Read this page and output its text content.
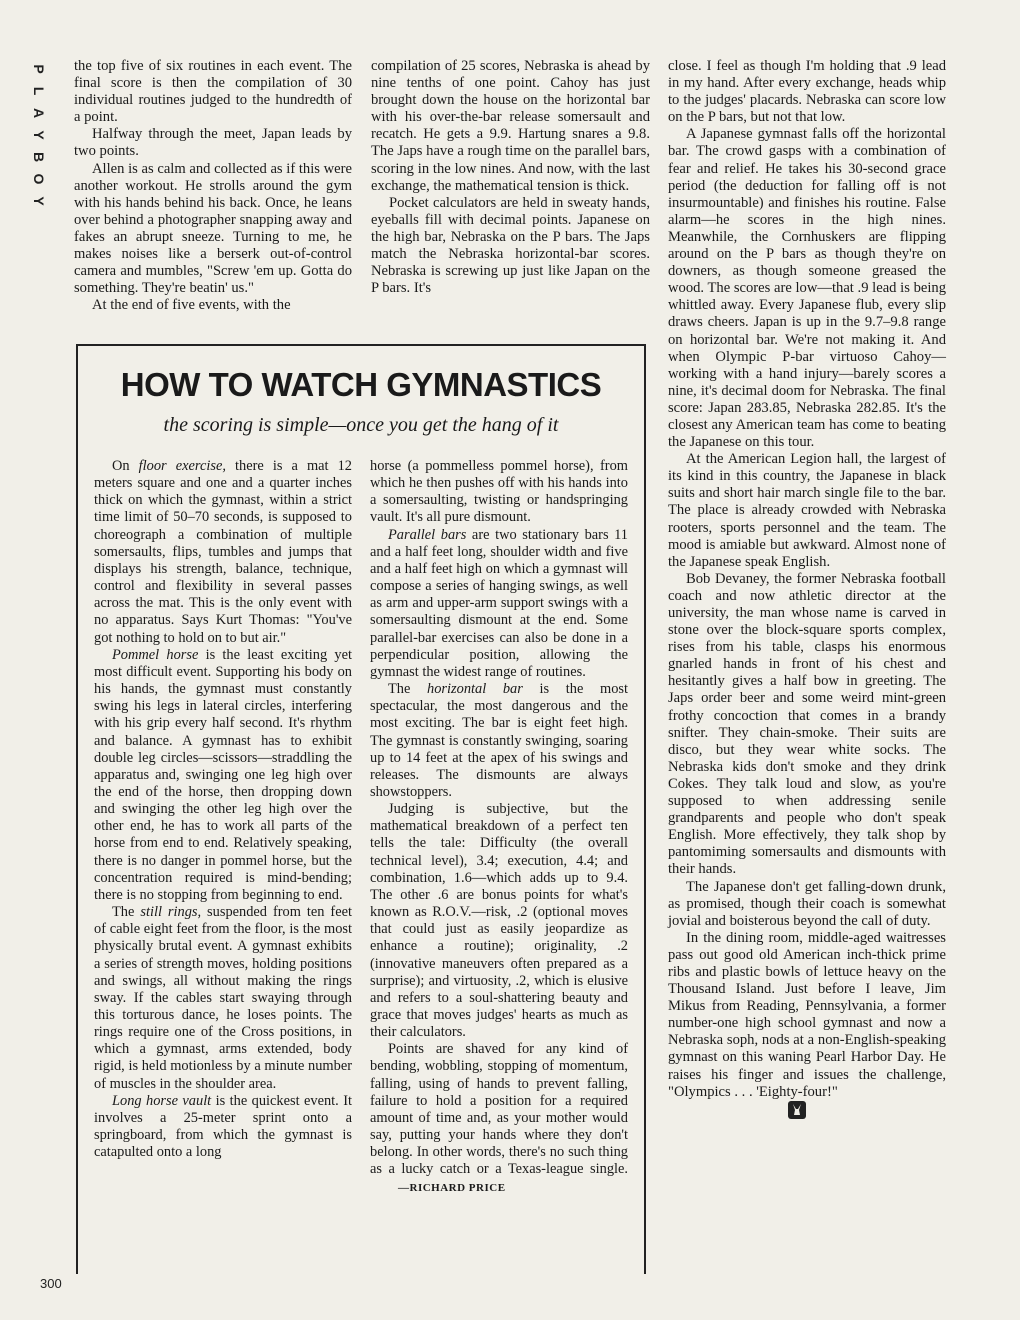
P
L
A
Y
B
O
Y

the top five of six routines in each event. The final score is then the compilation of 30 individual routines judged to the hundredth of a point.

Halfway through the meet, Japan leads by two points.

Allen is as calm and collected as if this were another workout. He strolls around the gym with his hands behind his back. Once, he leans over behind a photographer snapping away and fakes an abrupt sneeze. Turning to me, he makes noises like a berserk out-of-control camera and mumbles, "Screw 'em up. Gotta do something. They're beatin' us."

At the end of five events, with the

compilation of 25 scores, Nebraska is ahead by nine tenths of one point. Cahoy has just brought down the house on the horizontal bar with his over-the-bar release somersault and recatch. He gets a 9.9. Hartung snares a 9.8. The Japs have a rough time on the parallel bars, scoring in the low nines. And now, with the last exchange, the mathematical tension is thick.

Pocket calculators are held in sweaty hands, eyeballs fill with decimal points. Japanese on the high bar, Nebraska on the P bars. The Japs match the Nebraska horizontal-bar scores. Nebraska is screwing up just like Japan on the P bars. It's

close. I feel as though I'm holding that .9 lead in my hand. After every exchange, heads whip to the judges' placards. Nebraska can score low on the P bars, but not that low.

A Japanese gymnast falls off the horizontal bar. The crowd gasps with a combination of fear and relief. He takes his 30-second grace period (the deduction for falling off is not insurmountable) and finishes his routine. False alarm—he scores in the high nines. Meanwhile, the Cornhuskers are flipping around on the P bars as though they're on downers, as though someone greased the wood. The scores are low—that .9 lead is being whittled away. Every Japanese flub, every slip draws cheers. Japan is up in the 9.7–9.8 range on horizontal bar. We're not making it. And when Olympic P-bar virtuoso Cahoy—working with a hand injury—barely scores a nine, it's decimal doom for Nebraska. The final score: Japan 283.85, Nebraska 282.85. It's the closest any American team has come to beating the Japanese on this tour.

At the American Legion hall, the largest of its kind in this country, the Japanese in black suits and short hair march single file to the bar. The place is already crowded with Nebraska rooters, sports personnel and the team. The mood is amiable but awkward. Almost none of the Japanese speak English.

Bob Devaney, the former Nebraska football coach and now athletic director at the university, the man whose name is carved in stone over the block-square sports complex, rises from his table, clasps his enormous gnarled hands in front of his chest and hesitantly gives a half bow in greeting. The Japs order beer and some weird mint-green frothy concoction that comes in a brandy snifter. They chain-smoke. Their suits are disco, but they wear white socks. The Nebraska kids don't smoke and they drink Cokes. They talk loud and slow, as you're supposed to when addressing senile grandparents and people who don't speak English. More effectively, they talk shop by pantomiming somersaults and dismounts with their hands.

The Japanese don't get falling-down drunk, as promised, though their coach is somewhat jovial and boisterous beyond the call of duty.

In the dining room, middle-aged waitresses pass out good old American inch-thick prime ribs and plastic bowls of lettuce heavy on the Thousand Island. Just before I leave, Jim Mikus from Reading, Pennsylvania, a former number-one high school gymnast and now a Nebraska soph, nods at a non-English-speaking gymnast on this waning Pearl Harbor Day. He raises his finger and issues the challenge, "Olympics . . . 'Eighty-four!"

HOW TO WATCH GYMNASTICS
the scoring is simple—once you get the hang of it

On floor exercise, there is a mat 12 meters square and one and a quarter inches thick on which the gymnast, within a strict time limit of 50–70 seconds, is supposed to choreograph a combination of multiple somersaults, flips, tumbles and jumps that displays his strength, balance, technique, control and flexibility in several passes across the mat. This is the only event with no apparatus. Says Kurt Thomas: "You've got nothing to hold on to but air."

Pommel horse is the least exciting yet most difficult event. Supporting his body on his hands, the gymnast must constantly swing his legs in lateral circles, interfering with his grip every half second. It's rhythm and balance. A gymnast has to exhibit double leg circles—scissors—straddling the apparatus and, swinging one leg high over the end of the horse, then dropping down and swinging the other leg high over the other end, he has to work all parts of the horse from end to end. Relatively speaking, there is no danger in pommel horse, but the concentration required is mind-bending; there is no stopping from beginning to end.

The still rings, suspended from ten feet of cable eight feet from the floor, is the most physically brutal event. A gymnast exhibits a series of strength moves, holding positions and swings, all without making the rings sway. If the cables start swaying through this torturous dance, he loses points. The rings require one of the Cross positions, in which a gymnast, arms extended, body rigid, is held motionless by a minute number of muscles in the shoulder area.

Long horse vault is the quickest event. It involves a 25-meter sprint onto a springboard, from which the gymnast is catapulted onto a long

horse (a pommelless pommel horse), from which he then pushes off with his hands into a somersaulting, twisting or handspringing vault. It's all pure dismount.

Parallel bars are two stationary bars 11 and a half feet long, shoulder width and five and a half feet high on which a gymnast will compose a series of hanging swings, as well as arm and upper-arm support swings with a somersaulting dismount at the end. Some parallel-bar exercises can also be done in a perpendicular position, allowing the gymnast the widest range of routines.

The horizontal bar is the most spectacular, the most dangerous and the most exciting. The bar is eight feet high. The gymnast is constantly swinging, soaring up to 14 feet at the apex of his swings and releases. The dismounts are always showstoppers.

Judging is subjective, but the mathematical breakdown of a perfect ten tells the tale: Difficulty (the overall technical level), 3.4; execution, 4.4; and combination, 1.6—which adds up to 9.4. The other .6 are bonus points for what's known as R.O.V.—risk, .2 (optional moves that could just as easily jeopardize as enhance a routine); originality, .2 (innovative maneuvers often prepared as a surprise); and virtuosity, .2, which is elusive and refers to a soul-shattering beauty and grace that moves judges' hearts as much as their calculators.

Points are shaved for any kind of bending, wobbling, stopping of momentum, falling, using of hands to prevent falling, failure to hold a position for a required amount of time and, as your mother would say, putting your hands where they don't belong. In other words, there's no such thing as a lucky catch or a Texas-league single.—RICHARD PRICE

300
